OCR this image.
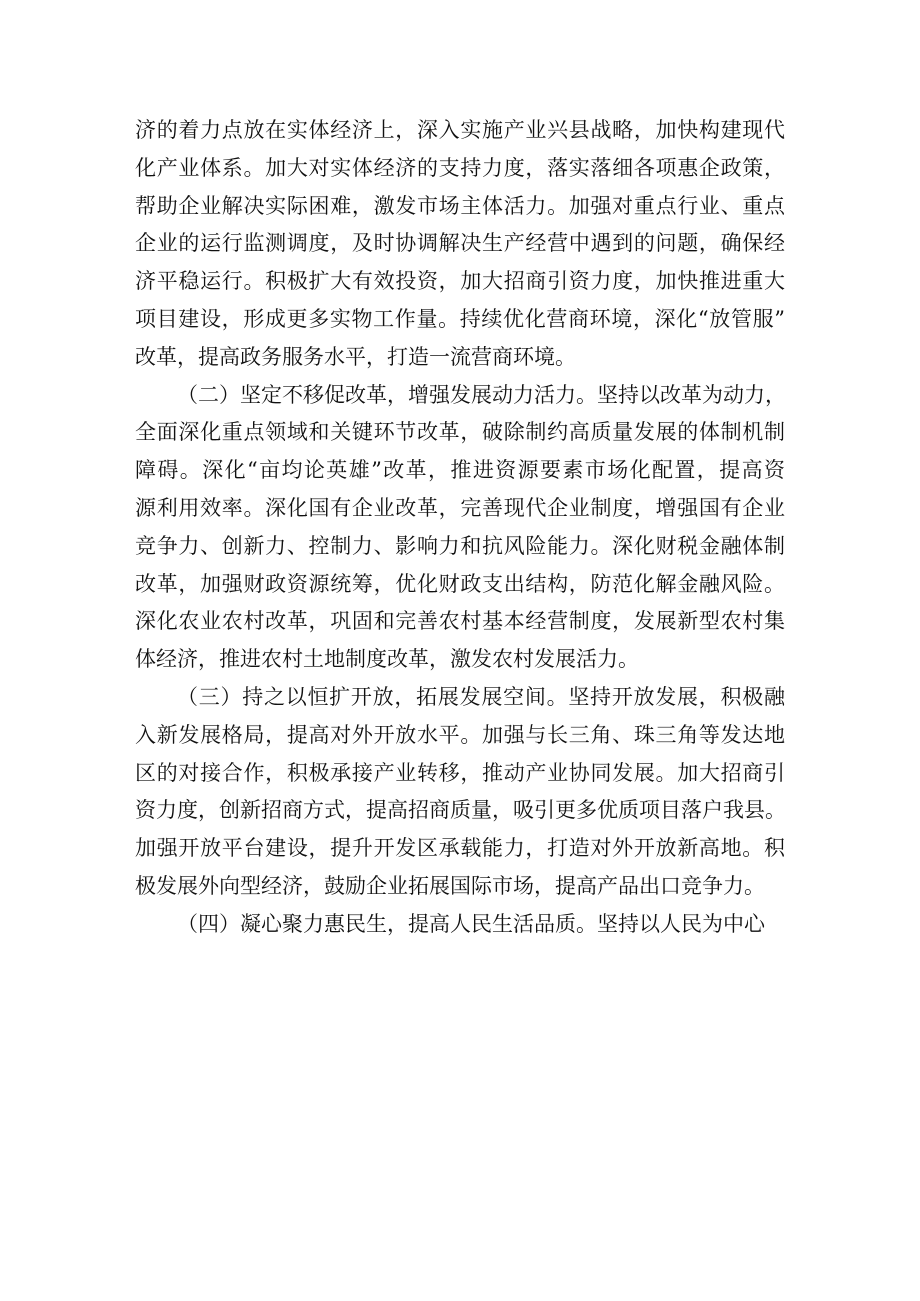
济的着力点放在实体经济上，深入实施产业兴县战略，加快构建现代
化产业体系。加大对实体经济的支持力度，落实落细各项惠企政策，
帮助企业解决实际困难，激发市场主体活力。加强对重点行业、重点
企业的运行监测调度，及时协调解决生产经营中遇到的问题，确保经
济平稳运行。积极扩大有效投资，加大招商引资力度，加快推进重大
项目建设，形成更多实物工作量。持续优化营商环境，深化“放管服”
改革，提高政务服务水平，打造一流营商环境。

（二）坚定不移促改革，增强发展动力活力。坚持以改革为动力，
全面深化重点领域和关键环节改革，破除制约高质量发展的体制机制
障碍。深化“亩均论英雄”改革，推进资源要素市场化配置，提高资
源利用效率。深化国有企业改革，完善现代企业制度，增强国有企业
竞争力、创新力、控制力、影响力和抗风险能力。深化财税金融体制
改革，加强财政资源统筹，优化财政支出结构，防范化解金融风险。
深化农业农村改革，巩固和完善农村基本经营制度，发展新型农村集
体经济，推进农村土地制度改革，激发农村发展活力。

（三）持之以恒扩开放，拓展发展空间。坚持开放发展，积极融
入新发展格局，提高对外开放水平。加强与长三角、珠三角等发达地
区的对接合作，积极承接产业转移，推动产业协同发展。加大招商引
资力度，创新招商方式，提高招商质量，吸引更多优质项目落户我县。
加强开放平台建设，提升开发区承载能力，打造对外开放新高地。积
极发展外向型经济，鼓励企业拓展国际市场，提高产品出口竞争力。

（四）凝心聚力惠民生，提高人民生活品质。坚持以人民为中心
